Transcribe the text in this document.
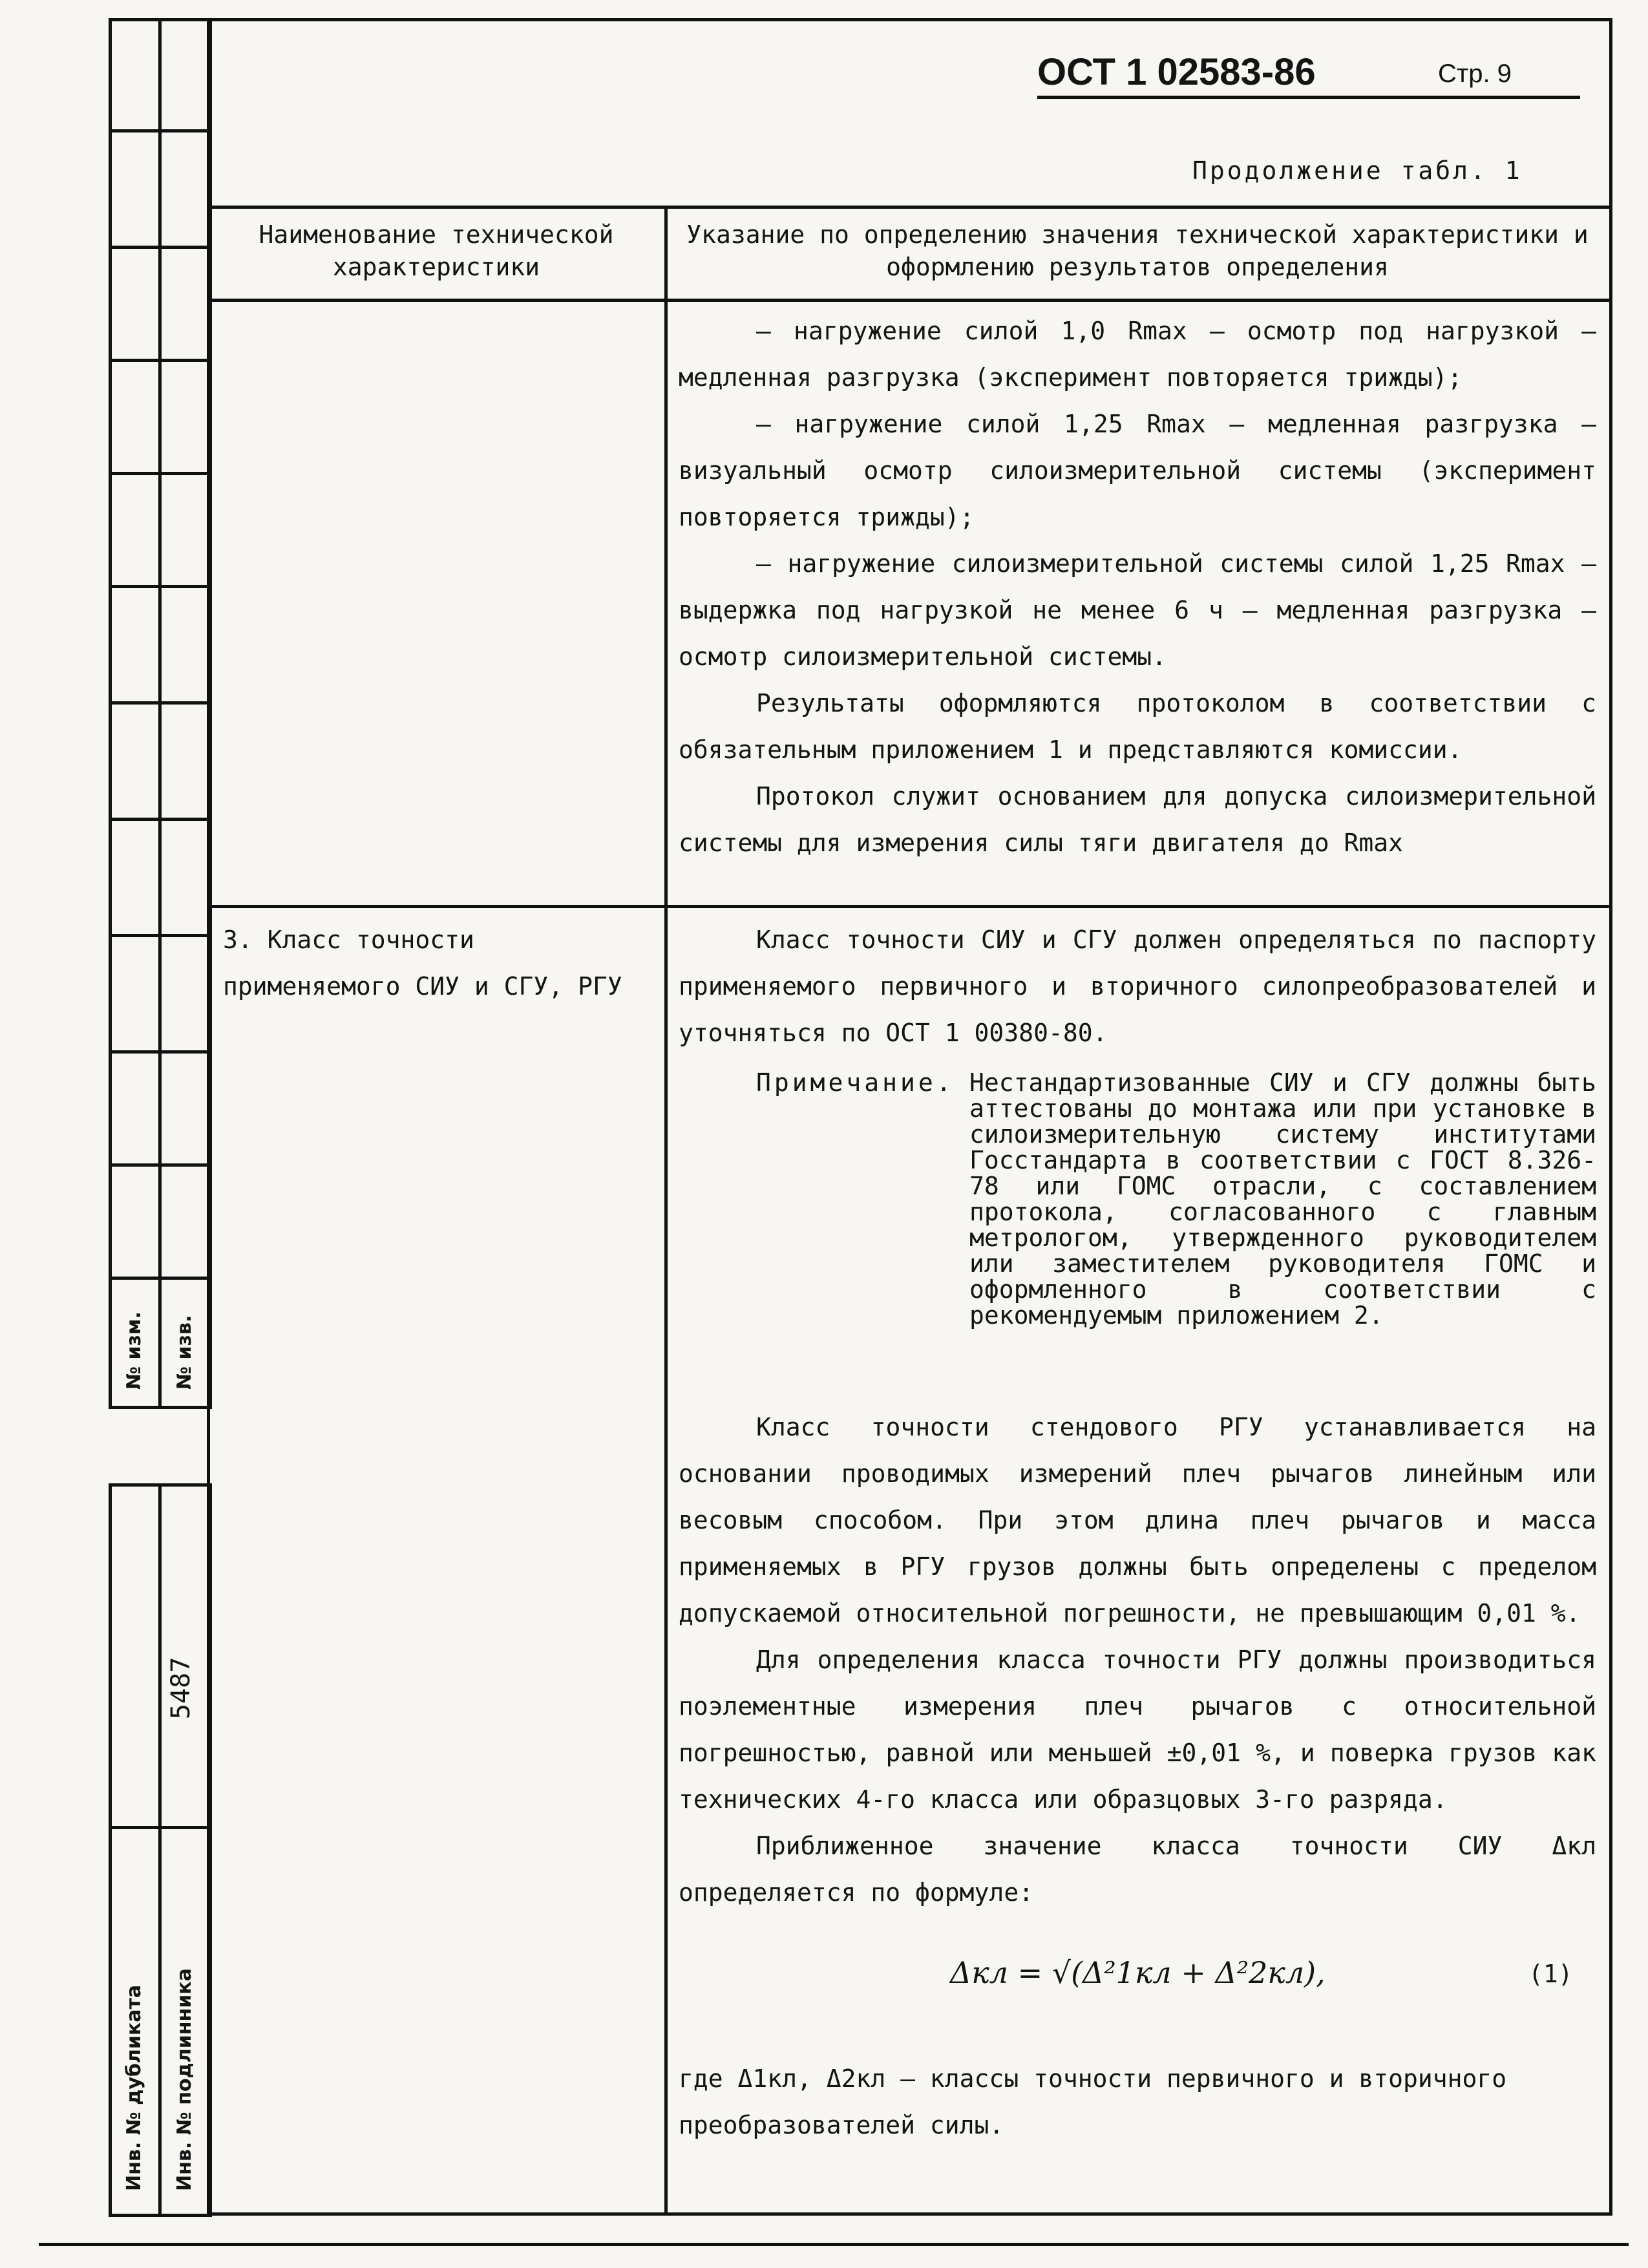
№ изм. № изв.
5487
Инв. № дубликата Инв. № подлинника
ОСТ 1 02583-86	Стр. 9
Продолжение табл. 1
Наименование технической характеристики
Указание по определению значения технической характеристики и оформлению результатов определения

– нагружение силой 1,0 Rmax – осмотр под нагрузкой – медленная разгрузка (эксперимент повторяется трижды);

– нагружение силой 1,25 Rmax – медленная разгрузка – визуальный осмотр силоизмерительной системы (эксперимент повторяется трижды);

– нагружение силоизмерительной системы силой 1,25 Rmax – выдержка под нагрузкой не менее 6 ч – медленная разгрузка – осмотр силоизмерительной системы.

Результаты оформляются протоколом в соответствии с обязательным приложением 1 и представляются комиссии.

Протокол служит основанием для допуска силоизмерительной системы для измерения силы тяги двигателя до Rmax

3. Класс точности применяемого СИУ и СГУ, РГУ

Класс точности СИУ и СГУ должен определяться по паспорту применяемого первичного и вторичного силопреобразователей и уточняться по ОСТ 1 00380-80.

Примечание. Нестандартизованные СИУ и СГУ должны быть аттестованы до монтажа или при установке в силоизмерительную систему институтами Госстандарта в соответствии с ГОСТ 8.326-78 или ГОМС отрасли, с составлением протокола, согласованного с главным метрологом, утвержденного руководителем или заместителем руководителя ГОМС и оформленного в соответствии с рекомендуемым приложением 2.

Класс точности стендового РГУ устанавливается на основании проводимых измерений плеч рычагов линейным или весовым способом. При этом длина плеч рычагов и масса применяемых в РГУ грузов должны быть определены с пределом допускаемой относительной погрешности, не превышающим 0,01 %.

Для определения класса точности РГУ должны производиться поэлементные измерения плеч рычагов с относительной погрешностью, равной или меньшей ±0,01 %, и поверка грузов как технических 4-го класса или образцовых 3-го разряда.

Приближенное значение класса точности СИУ Δкл определяется по формуле:

Δкл = √(Δ²1кл + Δ²2кл),	(1)
где Δ1кл, Δ2кл – классы точности первичного и вторичного преобразователей силы.
